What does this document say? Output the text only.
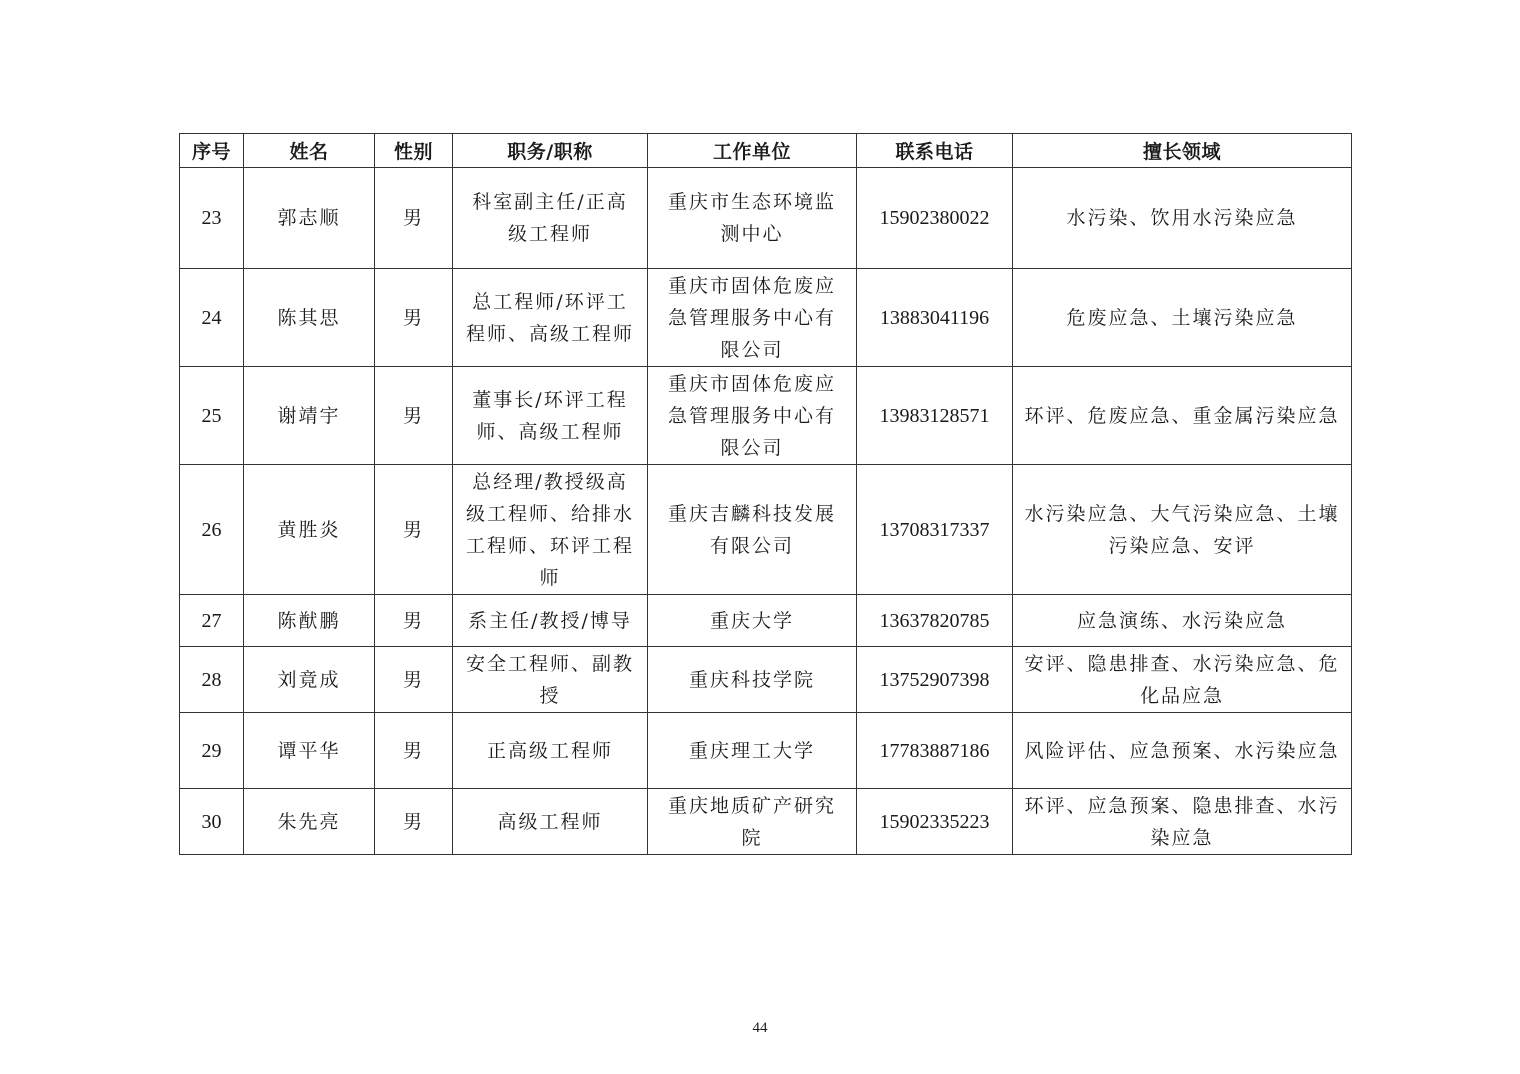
序号	姓名	性别	职务/职称	工作单位	联系电话	擅长领域
23	郭志顺	男	科室副主任/正高级工程师	重庆市生态环境监测中心	15902380022	水污染、饮用水污染应急
24	陈其思	男	总工程师/环评工程师、高级工程师	重庆市固体危废应急管理服务中心有限公司	13883041196	危废应急、土壤污染应急
25	谢靖宇	男	董事长/环评工程师、高级工程师	重庆市固体危废应急管理服务中心有限公司	13983128571	环评、危废应急、重金属污染应急
26	黄胜炎	男	总经理/教授级高级工程师、给排水工程师、环评工程师	重庆吉麟科技发展有限公司	13708317337	水污染应急、大气污染应急、土壤污染应急、安评
27	陈猷鹏	男	系主任/教授/博导	重庆大学	13637820785	应急演练、水污染应急
28	刘竟成	男	安全工程师、副教授	重庆科技学院	13752907398	安评、隐患排查、水污染应急、危化品应急
29	谭平华	男	正高级工程师	重庆理工大学	17783887186	风险评估、应急预案、水污染应急
30	朱先亮	男	高级工程师	重庆地质矿产研究院	15902335223	环评、应急预案、隐患排查、水污染应急
44
